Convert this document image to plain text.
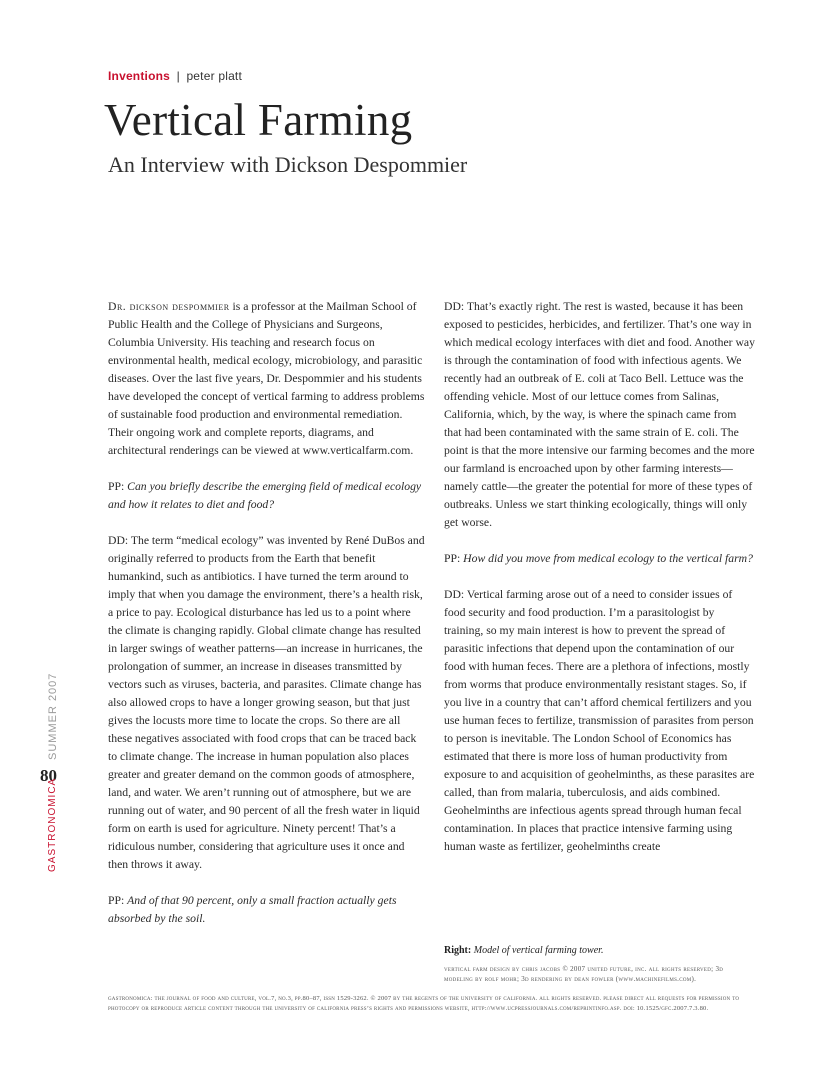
Inventions | peter platt
Vertical Farming
An Interview with Dickson Despommier

Dr. dickson despommier is a professor at the Mailman School of Public Health and the College of Physicians and Surgeons, Columbia University. His teaching and research focus on environmental health, medical ecology, microbiology, and parasitic diseases. Over the last five years, Dr. Despommier and his students have developed the concept of vertical farming to address problems of sustainable food production and environmental remediation. Their ongoing work and complete reports, diagrams, and architectural renderings can be viewed at www.verticalfarm.com.

PP: Can you briefly describe the emerging field of medical ecology and how it relates to diet and food?

DD: The term “medical ecology” was invented by René DuBos and originally referred to products from the Earth that benefit humankind, such as antibiotics. I have turned the term around to imply that when you damage the environment, there’s a health risk, a price to pay. Ecological disturbance has led us to a point where the climate is changing rapidly. Global climate change has resulted in larger swings of weather patterns—an increase in hurricanes, the prolongation of summer, an increase in diseases transmitted by vectors such as viruses, bacteria, and parasites. Climate change has also allowed crops to have a longer growing season, but that just gives the locusts more time to locate the crops. So there are all these negatives associated with food crops that can be traced back to climate change. The increase in human population also places greater and greater demand on the common goods of atmosphere, land, and water. We aren’t running out of atmosphere, but we are running out of water, and 90 percent of all the fresh water in liquid form on earth is used for agriculture. Ninety percent! That’s a ridiculous number, considering that agriculture uses it once and then throws it away.

PP: And of that 90 percent, only a small fraction actually gets absorbed by the soil.

DD: That’s exactly right. The rest is wasted, because it has been exposed to pesticides, herbicides, and fertilizer. That’s one way in which medical ecology interfaces with diet and food. Another way is through the contamination of food with infectious agents. We recently had an outbreak of E. coli at Taco Bell. Lettuce was the offending vehicle. Most of our lettuce comes from Salinas, California, which, by the way, is where the spinach came from that had been contaminated with the same strain of E. coli. The point is that the more intensive our farming becomes and the more our farmland is encroached upon by other farming interests—namely cattle—the greater the potential for more of these types of outbreaks. Unless we start thinking ecologically, things will only get worse.

PP: How did you move from medical ecology to the vertical farm?

DD: Vertical farming arose out of a need to consider issues of food security and food production. I’m a parasitologist by training, so my main interest is how to prevent the spread of parasitic infections that depend upon the contamination of our food with human feces. There are a plethora of infections, mostly from worms that produce environmentally resistant stages. So, if you live in a country that can’t afford chemical fertilizers and you use human feces to fertilize, transmission of parasites from person to person is inevitable. The London School of Economics has estimated that there is more loss of human productivity from exposure to and acquisition of geohelminths, as these parasites are called, than from malaria, tuberculosis, and aids combined. Geohelminths are infectious agents spread through human fecal contamination. In places that practice intensive farming using human waste as fertilizer, geohelminths create

SUMMER 2007
80
GASTRONOMICA
Right: Model of vertical farming tower.
vertical farm design by chris jacobs © 2007 united future, inc. all rights reserved; 3d modeling by rolf mohr; 3d rendering by dean fowler (www.machinefilms.com).
gastronomica: the journal of food and culture, vol.7, no.3, pp.80–87, issn 1529-3262. © 2007 by the regents of the university of california. all rights reserved. please direct all requests for permission to photocopy or reproduce article content through the university of california press’s rights and permissions website, http://www.ucpressjournals.com/reprintinfo.asp. doi: 10.1525/gfc.2007.7.3.80.
